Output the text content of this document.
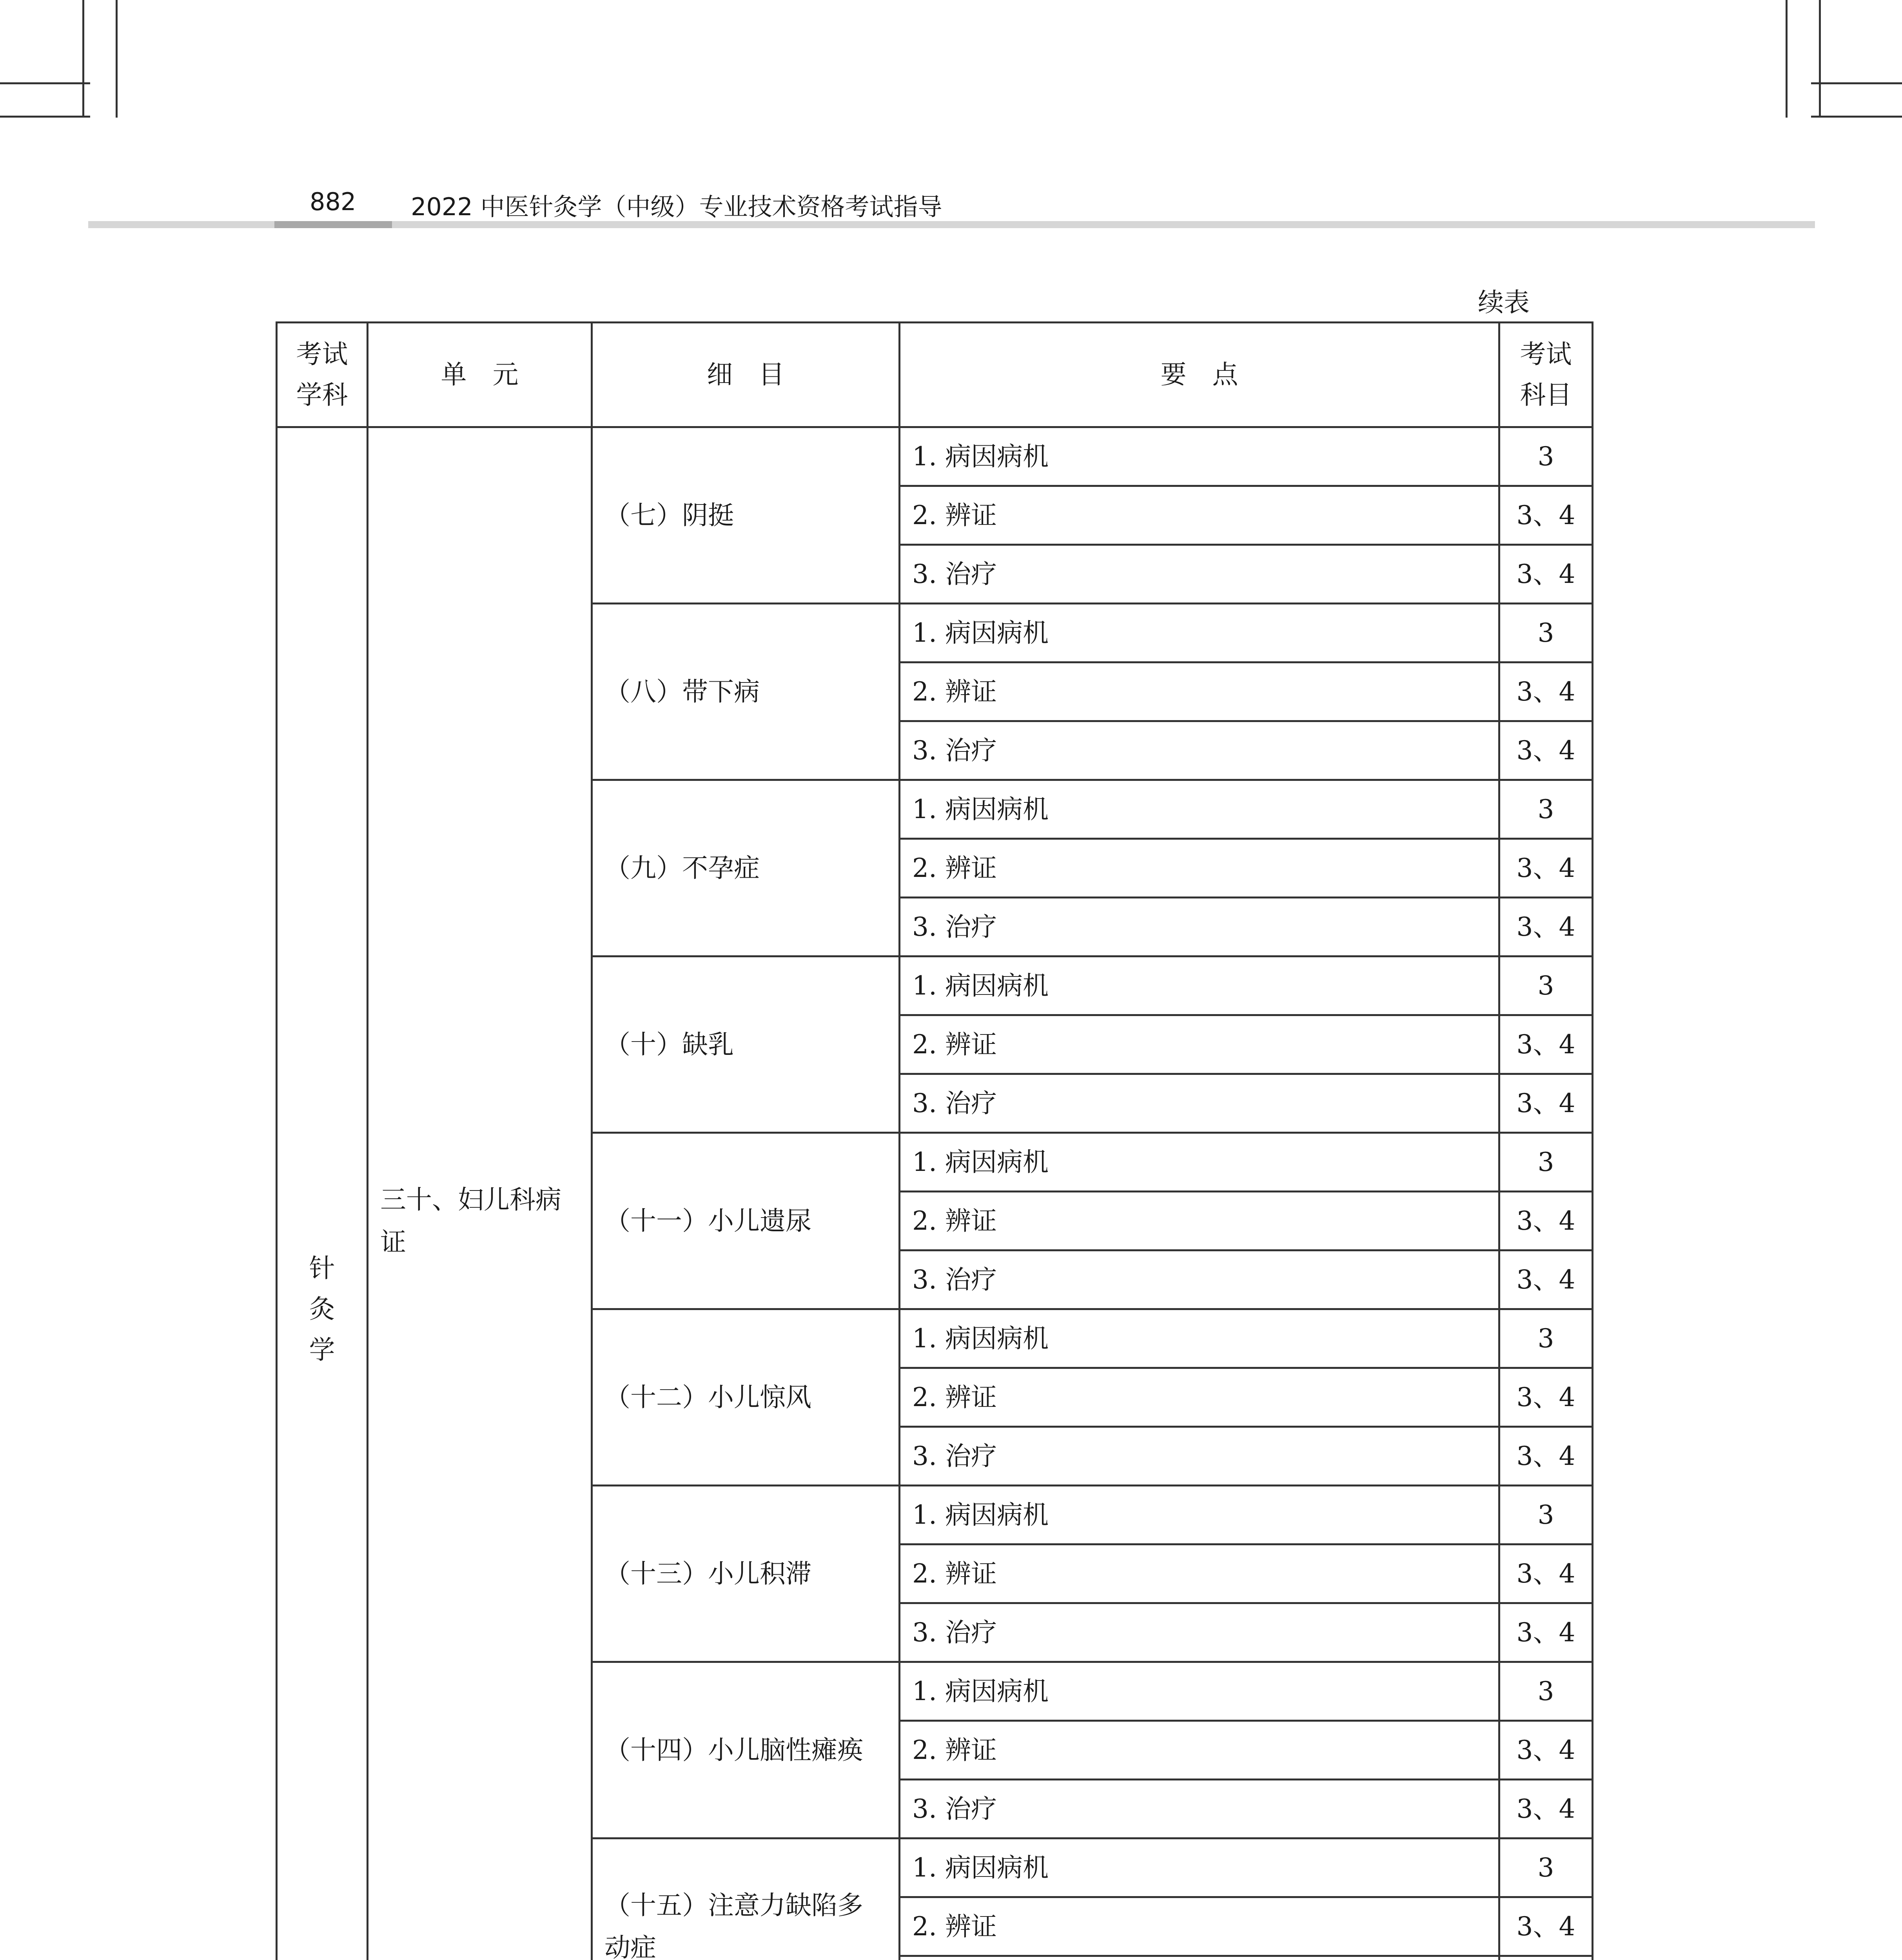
882 2022 中医针灸学（中级）专业技术资格考试指导
续表
考试学科	单　元	细　目	要　点	考试科目
针灸学	三十、妇儿科病证	（七）阴挺	1. 病因病机	3
			2. 辨证	3、4
			3. 治疗	3、4
		（八）带下病	1. 病因病机	3
			2. 辨证	3、4
			3. 治疗	3、4
		（九）不孕症	1. 病因病机	3
			2. 辨证	3、4
			3. 治疗	3、4
		（十）缺乳	1. 病因病机	3
			2. 辨证	3、4
			3. 治疗	3、4
		（十一）小儿遗尿	1. 病因病机	3
			2. 辨证	3、4
			3. 治疗	3、4
		（十二）小儿惊风	1. 病因病机	3
			2. 辨证	3、4
			3. 治疗	3、4
		（十三）小儿积滞	1. 病因病机	3
			2. 辨证	3、4
			3. 治疗	3、4
		（十四）小儿脑性瘫痪	1. 病因病机	3
			2. 辨证	3、4
			3. 治疗	3、4
		（十五）注意力缺陷多动症	1. 病因病机	3
			2. 辨证	3、4
